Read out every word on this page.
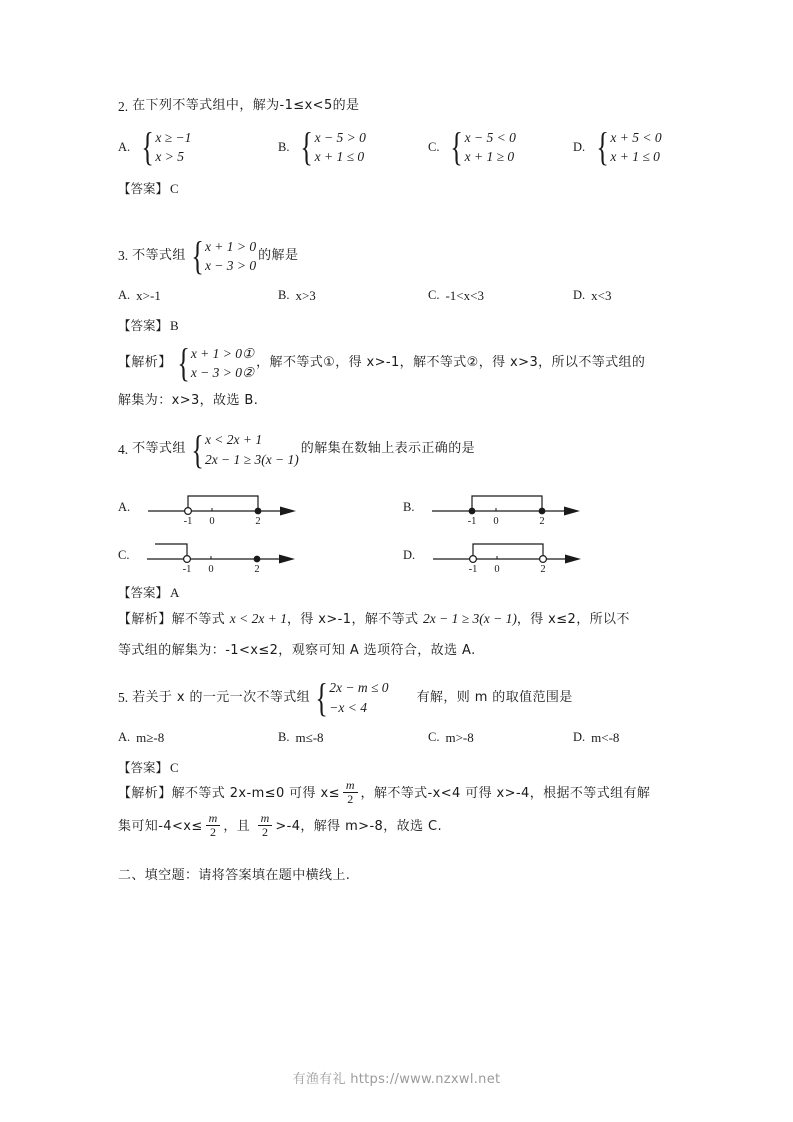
2. 在下列不等式组中，解为-1≤x<5的是
A. { x ≥ −1
x > 5
B. { x − 5 > 0
x + 1 ≤ 0
C. { x − 5 < 0
x + 1 ≥ 0
D. { x + 5 < 0
x + 1 ≤ 0
【答案】 C
3. 不等式组 { x + 1 > 0
x − 3 > 0
的解是
A. x>-1	B. x>3	C. -1<x<3	D. x<3
【答案】 B
【解析】 { x + 1 > 0①
x − 3 > 0②
，解不等式①，得 x>-1，解不等式②，得 x>3，所以不等式组的
解集为：x>3，故选 B.
4. 不等式组 { x < 2x + 1
2x − 1 ≥ 3(x − 1)
的解集在数轴上表示正确的是
A.
-1 0	2
B.
-1 0	2
C.
-1 0	2
D.
-1 0	2
【答案】 A
【解析】 解不等式 x < 2x + 1 ，得 x>-1，解不等式 2x − 1 ≥ 3(x − 1) ，得 x≤2，所以不
等式组的解集为：-1<x≤2，观察可知 A 选项符合，故选 A.
5. 若关于 x 的一元一次不等式组 { 2x − m ≤ 0
−x < 4
有解，则 m 的取值范围是
A. m≥-8	B. m≤-8	C. m>-8	D. m<-8
【答案】 C
【解析】 解不等式 2x-m≤0 可得 $x\le \frac{m}{2}$ ，解不等式-x<4 可得 x>-4，根据不等式组有解
集可知$-4<x\le \frac{m}{2}$ ，且 $\frac{m}{2} >-4$，解得 m>-8，故选 C.
二、填空题：请将答案填在题中横线上.
有渔有礼 https://www.nzxwl.net
